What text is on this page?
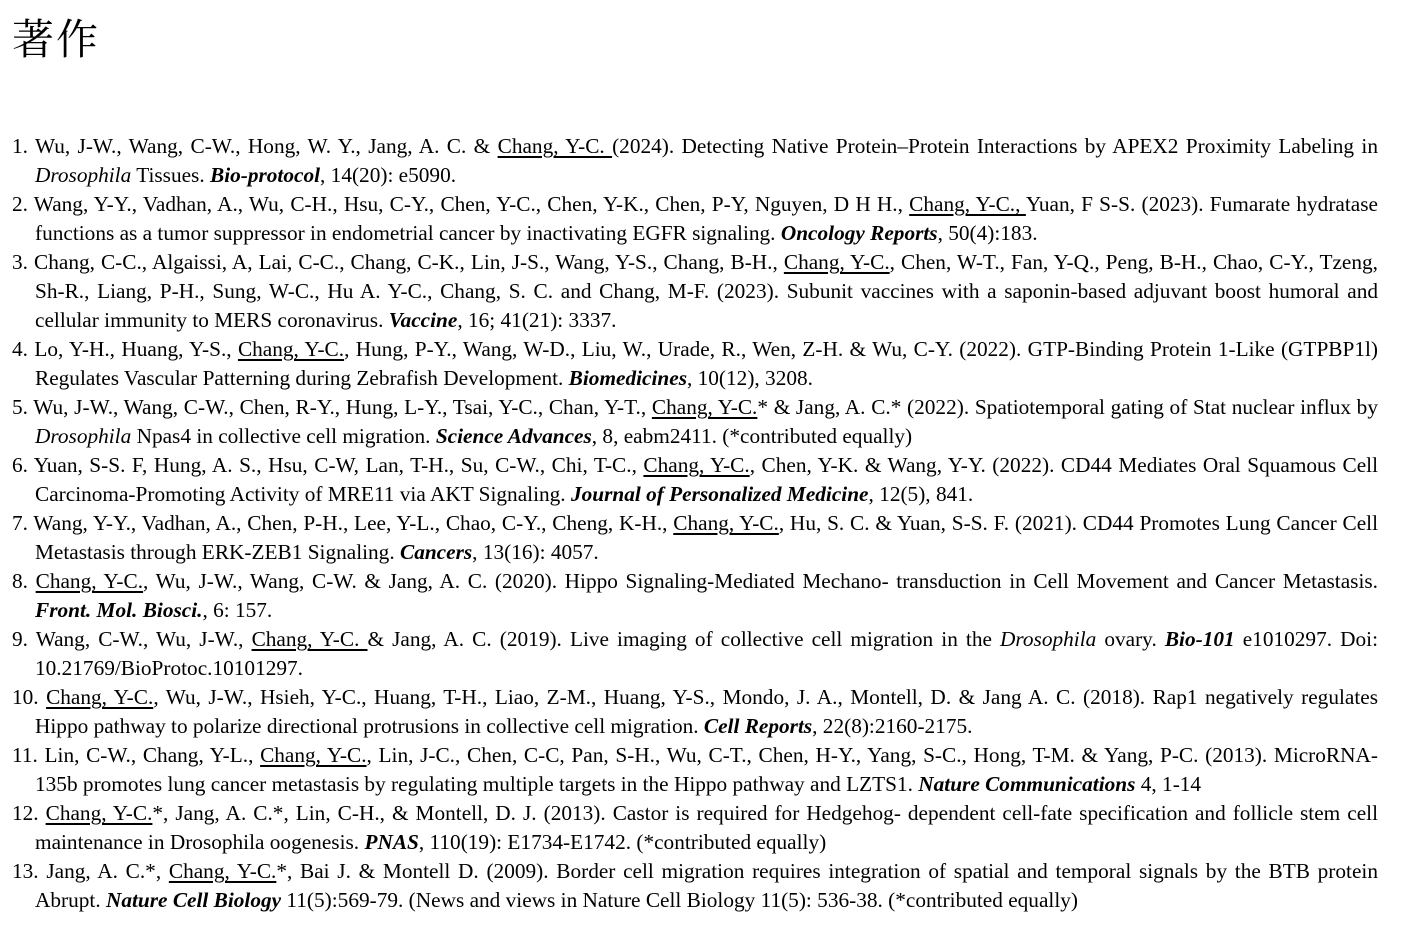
著作
1. Wu, J-W., Wang, C-W., Hong, W. Y., Jang, A. C. & Chang, Y-C. (2024). Detecting Native Protein–Protein Interactions by APEX2 Proximity Labeling in Drosophila Tissues. Bio-protocol, 14(20): e5090.
2. Wang, Y-Y., Vadhan, A., Wu, C-H., Hsu, C-Y., Chen, Y-C., Chen, Y-K., Chen, P-Y, Nguyen, D H H., Chang, Y-C., Yuan, F S-S. (2023). Fumarate hydratase functions as a tumor suppressor in endometrial cancer by inactivating EGFR signaling. Oncology Reports, 50(4):183.
3. Chang, C-C., Algaissi, A, Lai, C-C., Chang, C-K., Lin, J-S., Wang, Y-S., Chang, B-H., Chang, Y-C., Chen, W-T., Fan, Y-Q., Peng, B-H., Chao, C-Y., Tzeng, Sh-R., Liang, P-H., Sung, W-C., Hu A. Y-C., Chang, S. C. and Chang, M-F. (2023). Subunit vaccines with a saponin-based adjuvant boost humoral and cellular immunity to MERS coronavirus. Vaccine, 16; 41(21): 3337.
4. Lo, Y-H., Huang, Y-S., Chang, Y-C., Hung, P-Y., Wang, W-D., Liu, W., Urade, R., Wen, Z-H. & Wu, C-Y. (2022). GTP-Binding Protein 1-Like (GTPBP1l) Regulates Vascular Patterning during Zebrafish Development. Biomedicines, 10(12), 3208.
5. Wu, J-W., Wang, C-W., Chen, R-Y., Hung, L-Y., Tsai, Y-C., Chan, Y-T., Chang, Y-C.* & Jang, A. C.* (2022). Spatiotemporal gating of Stat nuclear influx by Drosophila Npas4 in collective cell migration. Science Advances, 8, eabm2411. (*contributed equally)
6. Yuan, S-S. F, Hung, A. S., Hsu, C-W, Lan, T-H., Su, C-W., Chi, T-C., Chang, Y-C., Chen, Y-K. & Wang, Y-Y. (2022). CD44 Mediates Oral Squamous Cell Carcinoma-Promoting Activity of MRE11 via AKT Signaling. Journal of Personalized Medicine, 12(5), 841.
7. Wang, Y-Y., Vadhan, A., Chen, P-H., Lee, Y-L., Chao, C-Y., Cheng, K-H., Chang, Y-C., Hu, S. C. & Yuan, S-S. F. (2021). CD44 Promotes Lung Cancer Cell Metastasis through ERK-ZEB1 Signaling. Cancers, 13(16): 4057.
8. Chang, Y-C., Wu, J-W., Wang, C-W. & Jang, A. C. (2020). Hippo Signaling-Mediated Mechano- transduction in Cell Movement and Cancer Metastasis. Front. Mol. Biosci., 6: 157.
9. Wang, C-W., Wu, J-W., Chang, Y-C. & Jang, A. C. (2019). Live imaging of collective cell migration in the Drosophila ovary. Bio-101 e1010297. Doi: 10.21769/BioProtoc.10101297.
10. Chang, Y-C., Wu, J-W., Hsieh, Y-C., Huang, T-H., Liao, Z-M., Huang, Y-S., Mondo, J. A., Montell, D. & Jang A. C. (2018). Rap1 negatively regulates Hippo pathway to polarize directional protrusions in collective cell migration. Cell Reports, 22(8):2160-2175.
11. Lin, C-W., Chang, Y-L., Chang, Y-C., Lin, J-C., Chen, C-C, Pan, S-H., Wu, C-T., Chen, H-Y., Yang, S-C., Hong, T-M. & Yang, P-C. (2013). MicroRNA-135b promotes lung cancer metastasis by regulating multiple targets in the Hippo pathway and LZTS1. Nature Communications 4, 1-14
12. Chang, Y-C.*, Jang, A. C.*, Lin, C-H., & Montell, D. J. (2013). Castor is required for Hedgehog- dependent cell-fate specification and follicle stem cell maintenance in Drosophila oogenesis. PNAS, 110(19): E1734-E1742. (*contributed equally)
13. Jang, A. C.*, Chang, Y-C.*, Bai J. & Montell D. (2009). Border cell migration requires integration of spatial and temporal signals by the BTB protein Abrupt. Nature Cell Biology 11(5):569-79. (News and views in Nature Cell Biology 11(5): 536-38. (*contributed equally)
